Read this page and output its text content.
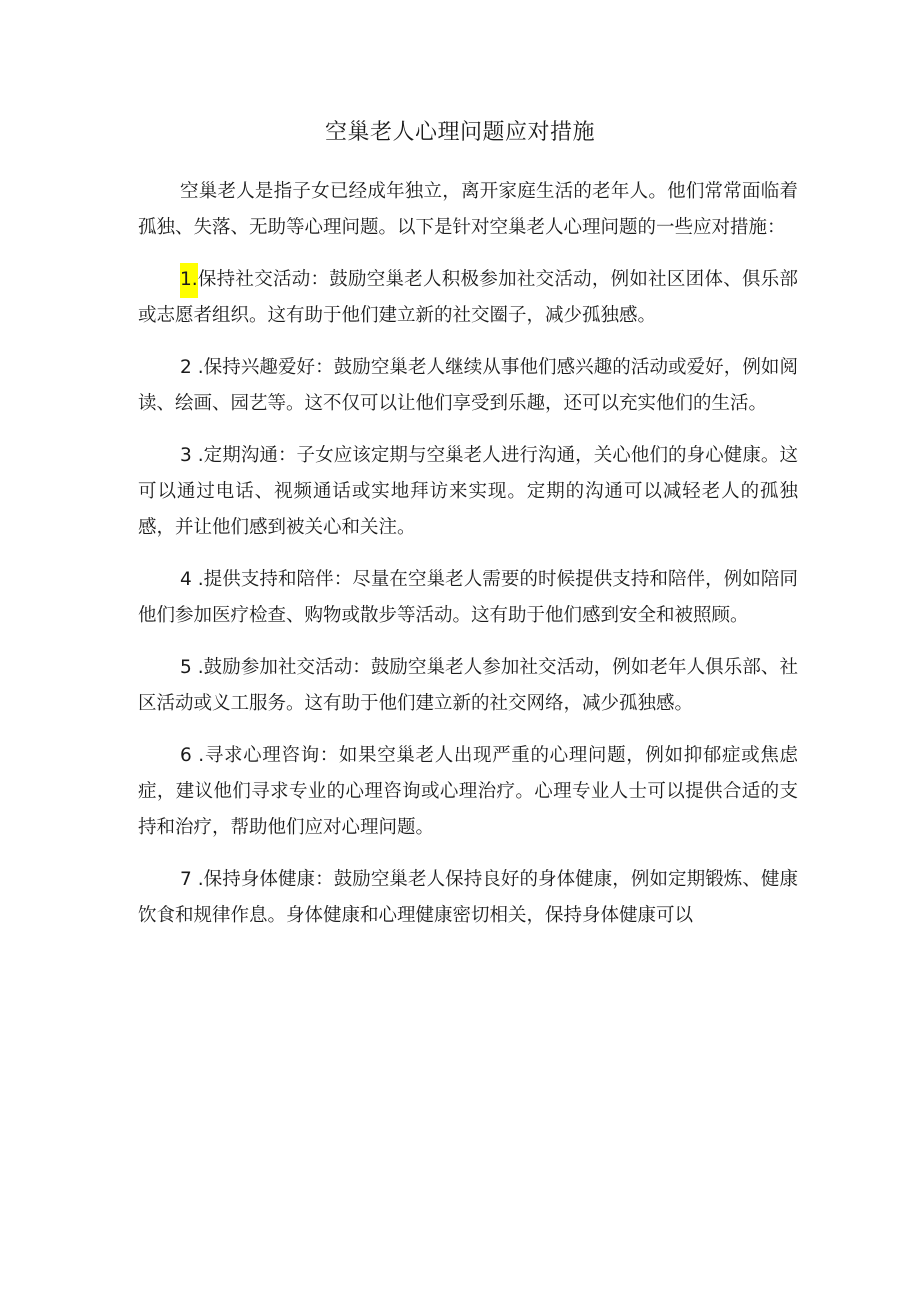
空巢老人心理问题应对措施

空巢老人是指子女已经成年独立，离开家庭生活的老年人。他们常常面临着孤独、失落、无助等心理问题。以下是针对空巢老人心理问题的一些应对措施：

1.保持社交活动：鼓励空巢老人积极参加社交活动，例如社区团体、俱乐部或志愿者组织。这有助于他们建立新的社交圈子，减少孤独感。

2 .保持兴趣爱好：鼓励空巢老人继续从事他们感兴趣的活动或爱好，例如阅读、绘画、园艺等。这不仅可以让他们享受到乐趣，还可以充实他们的生活。

3 .定期沟通：子女应该定期与空巢老人进行沟通，关心他们的身心健康。这可以通过电话、视频通话或实地拜访来实现。定期的沟通可以减轻老人的孤独感，并让他们感到被关心和关注。

4 .提供支持和陪伴：尽量在空巢老人需要的时候提供支持和陪伴，例如陪同他们参加医疗检查、购物或散步等活动。这有助于他们感到安全和被照顾。

5 .鼓励参加社交活动：鼓励空巢老人参加社交活动，例如老年人俱乐部、社区活动或义工服务。这有助于他们建立新的社交网络，减少孤独感。

6 .寻求心理咨询：如果空巢老人出现严重的心理问题，例如抑郁症或焦虑症，建议他们寻求专业的心理咨询或心理治疗。心理专业人士可以提供合适的支持和治疗，帮助他们应对心理问题。

7 .保持身体健康：鼓励空巢老人保持良好的身体健康，例如定期锻炼、健康饮食和规律作息。身体健康和心理健康密切相关，保持身体健康可以
